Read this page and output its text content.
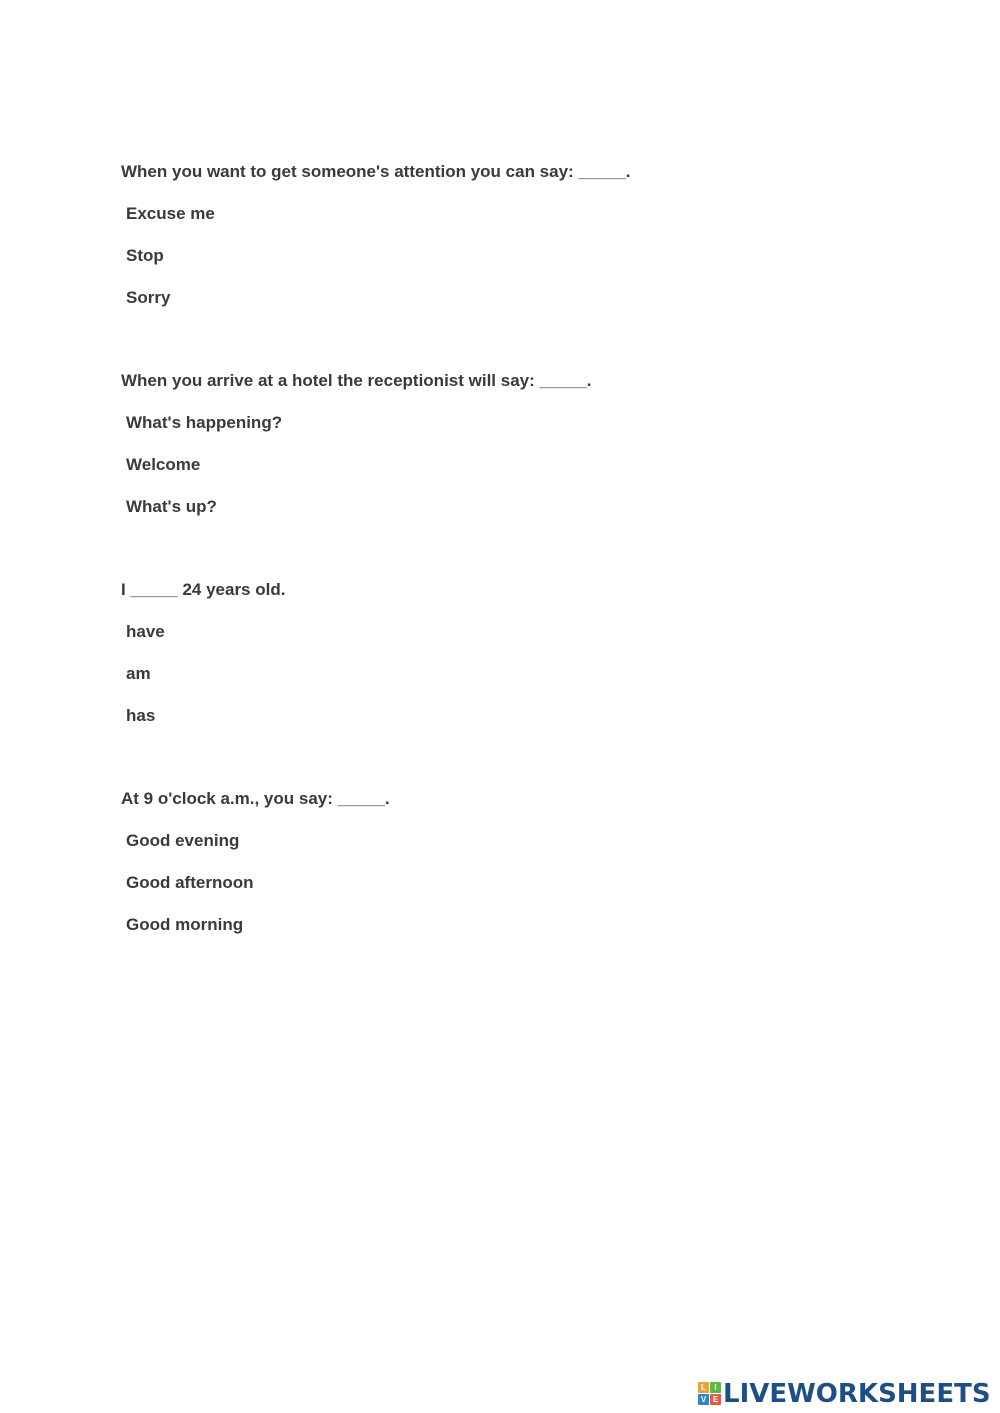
When you want to get someone's attention you can say: _____.

Excuse me
Stop
Sorry

When you arrive at a hotel the receptionist will say: _____.

What's happening?
Welcome
What's up?

I _____ 24 years old.

have
am
has

At 9 o'clock a.m., you say: _____.

Good evening
Good afternoon
Good morning
L	I
V E LIVEWORKSHEETS
